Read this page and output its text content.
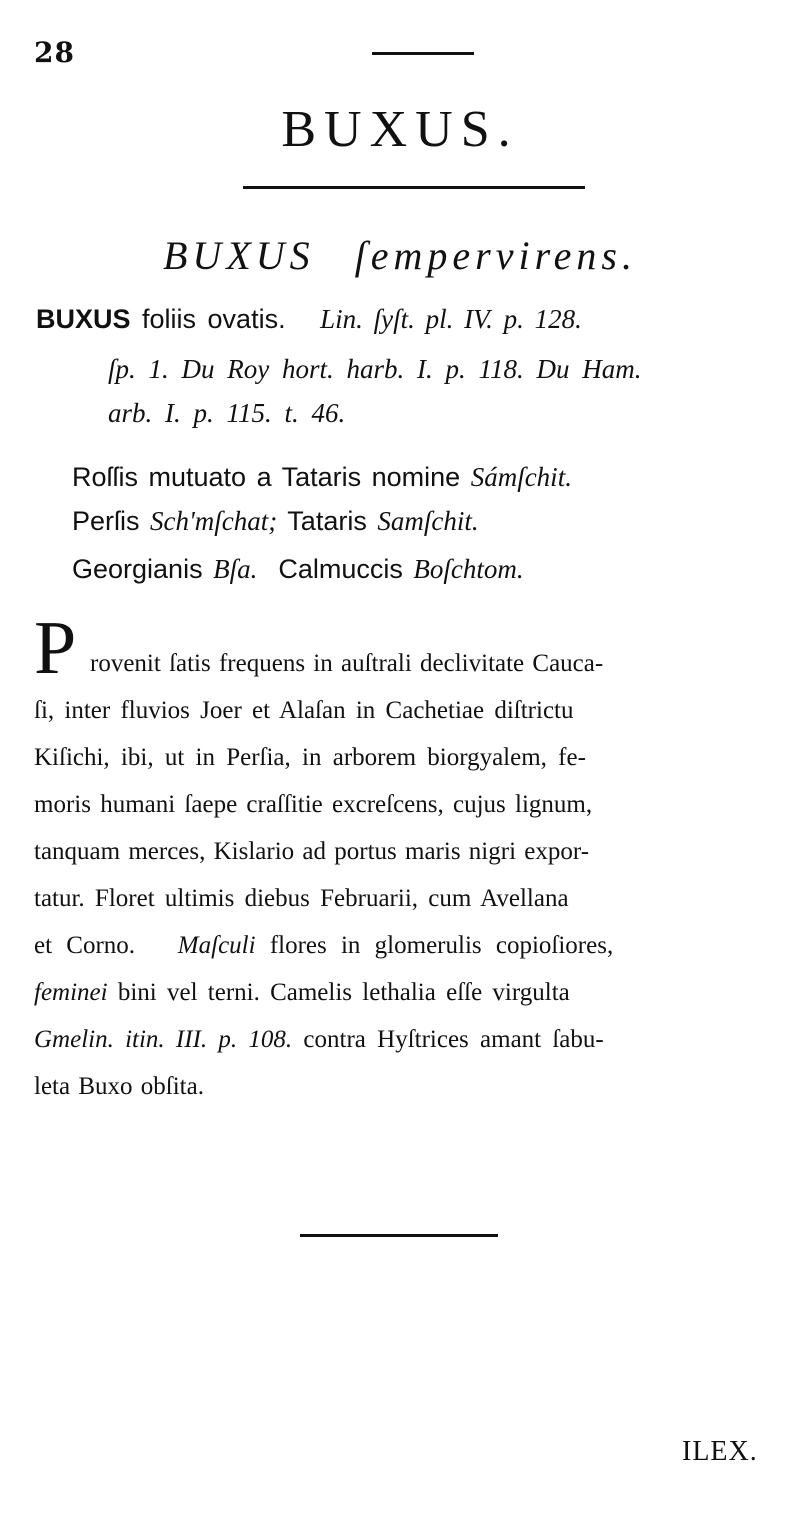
28
BUXUS.
BUXUS ſempervirens.
BUXUS foliis ovatis. Lin. ſyſt. pl. IV. p. 128.
ſp. 1. Du Roy hort. harb. I. p. 118. Du Ham.
arb. I. p. 115. t. 46.
Roſſis mutuato a Tataris nomine Sámſchit.
Perſis Sch'mſchat; Tataris Samſchit.
Georgianis Bſa. Calmuccis Boſchtom.
P rovenit ſatis frequens in auſtrali declivitate Cauca-
ſi, inter fluvios Joer et Alaſan in Cachetiae diſtrictu
Kiſichi, ibi, ut in Perſia, in arborem biorgyalem, fe-
moris humani ſaepe craſſitie excreſcens, cujus lignum,
tanquam merces, Kislario ad portus maris nigri expor-
tatur. Floret ultimis diebus Februarii, cum Avellana
et Corno. Maſculi flores in glomerulis copioſiores,
feminei bini vel terni. Camelis lethalia eſſe virgulta
Gmelin. itin. III. p. 108. contra Hyſtrices amant ſabu-
leta Buxo obſita.
ILEX.
